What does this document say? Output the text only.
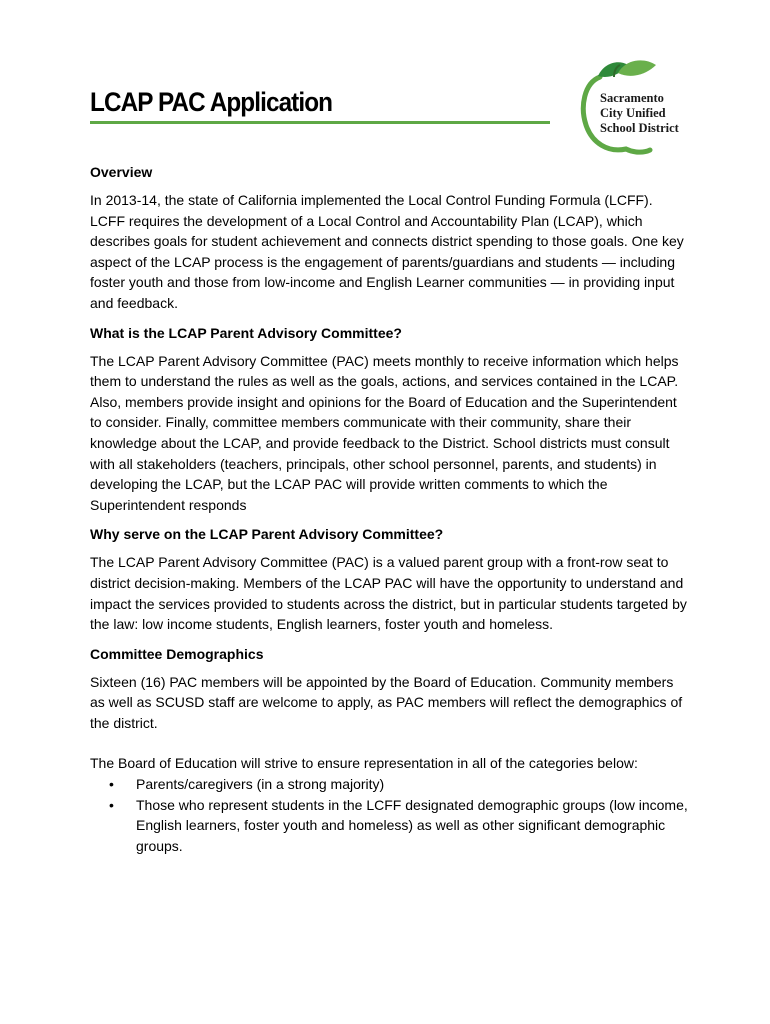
LCAP PAC Application	Sacramento
City Unified
School District
Overview

In 2013-14, the state of California implemented the Local Control Funding Formula (LCFF). LCFF requires the development of a Local Control and Accountability Plan (LCAP), which describes goals for student achievement and connects district spending to those goals. One key aspect of the LCAP process is the engagement of parents/guardians and students — including foster youth and those from low-income and English Learner communities — in providing input and feedback.

What is the LCAP Parent Advisory Committee?

The LCAP Parent Advisory Committee (PAC) meets monthly to receive information which helps them to understand the rules as well as the goals, actions, and services contained in the LCAP. Also, members provide insight and opinions for the Board of Education and the Superintendent to consider. Finally, committee members communicate with their community, share their knowledge about the LCAP, and provide feedback to the District. School districts must consult with all stakeholders (teachers, principals, other school personnel, parents, and students) in developing the LCAP, but the LCAP PAC will provide written comments to which the Superintendent responds

Why serve on the LCAP Parent Advisory Committee?

The LCAP Parent Advisory Committee (PAC) is a valued parent group with a front-row seat to district decision-making. Members of the LCAP PAC will have the opportunity to understand and impact the services provided to students across the district, but in particular students targeted by the law: low income students, English learners, foster youth and homeless.

Committee Demographics

Sixteen (16) PAC members will be appointed by the Board of Education. Community members as well as SCUSD staff are welcome to apply, as PAC members will reflect the demographics of the district.

The Board of Education will strive to ensure representation in all of the categories below:

• Parents/caregivers (in a strong majority)
• Those who represent students in the LCFF designated demographic groups (low income, English learners, foster youth and homeless) as well as other significant demographic groups.
